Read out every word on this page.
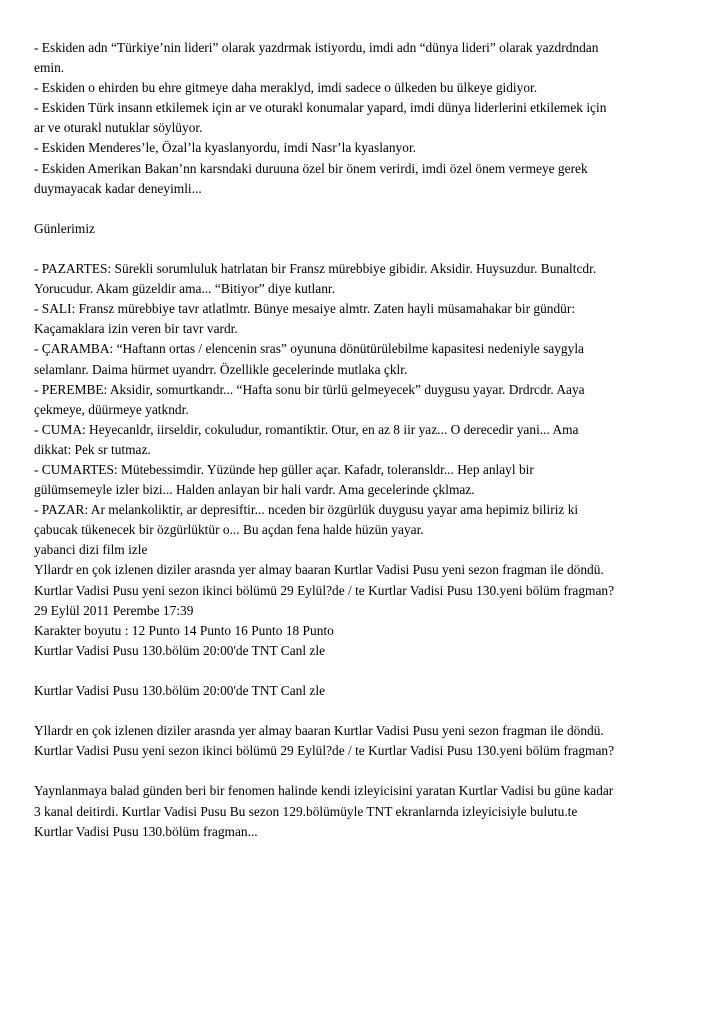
- Eskiden adn “Türkiye’nin lideri” olarak yazdrmak istiyordu, imdi adn “dünya lideri” olarak yazdrdndan
emin.
- Eskiden o ehirden bu ehre gitmeye daha meraklyd, imdi sadece o ülkeden bu ülkeye gidiyor.
- Eskiden Türk insann etkilemek için ar ve oturakl konumalar yapard, imdi dünya liderlerini etkilemek için
ar ve oturakl nutuklar söylüyor.
- Eskiden Menderes’le, Özal’la kyaslanyordu, imdi Nasr’la kyaslanyor.
- Eskiden Amerikan Bakan’nn karsndaki duruuna özel bir önem verirdi, imdi özel önem vermeye gerek
duymayacak kadar deneyimli...
Günlerimiz
- PAZARTES: Sürekli sorumluluk hatrlatan bir Fransz mürebbiye gibidir. Aksidir. Huysuzdur. Bunaltcdr.
Yorucudur. Akam güzeldir ama... “Bitiyor” diye kutlanr.
- SALI: Fransz mürebbiye tavr atlatlmtr. Bünye mesaiye almtr. Zaten hayli müsamahakar bir gündür:
Kaçamaklara izin veren bir tavr vardr.
- ÇARAMBA: “Haftann ortas / elencenin sras” oyununa dönütürülebilme kapasitesi nedeniyle saygyla
selamlanr. Daima hürmet uyandrr. Özellikle gecelerinde mutlaka çklr.
- PEREMBE: Aksidir, somurtkandr... “Hafta sonu bir türlü gelmeyecek” duygusu yayar. Drdrcdr. Aaya
çekmeye, düürmeye yatkndr.
- CUMA: Heyecanldr, iirseldir, cokuludur, romantiktir. Otur, en az 8 iir yaz... O derecedir yani... Ama
dikkat: Pek sr tutmaz.
- CUMARTES: Mütebessimdir. Yüzünde hep güller açar. Kafadr, toleransldr... Hep anlayl bir
gülümsemeyle izler bizi... Halden anlayan bir hali vardr. Ama gecelerinde çklmaz.
- PAZAR: Ar melankoliktir, ar depresiftir... nceden bir özgürlük duygusu yayar ama hepimiz biliriz ki
çabucak tükenecek bir özgürlüktür o... Bu açdan fena halde hüzün yayar.
yabanci dizi film izle
Yllardr en çok izlenen diziler arasnda yer almay baaran Kurtlar Vadisi Pusu yeni sezon fragman ile döndü.
Kurtlar Vadisi Pusu yeni sezon ikinci bölümü 29 Eylül?de / te Kurtlar Vadisi Pusu 130.yeni bölüm fragman?
29 Eylül 2011 Perembe 17:39
Karakter boyutu : 12 Punto 14 Punto 16 Punto 18 Punto
Kurtlar Vadisi Pusu 130.bölüm 20:00'de TNT Canl zle
Kurtlar Vadisi Pusu 130.bölüm 20:00'de TNT Canl zle
Yllardr en çok izlenen diziler arasnda yer almay baaran Kurtlar Vadisi Pusu yeni sezon fragman ile döndü.
Kurtlar Vadisi Pusu yeni sezon ikinci bölümü 29 Eylül?de / te Kurtlar Vadisi Pusu 130.yeni bölüm fragman?
Yaynlanmaya balad günden beri bir fenomen halinde kendi izleyicisini yaratan Kurtlar Vadisi bu güne kadar
3 kanal deitirdi. Kurtlar Vadisi Pusu Bu sezon 129.bölümüyle TNT ekranlarnda izleyicisiyle bulutu.te
Kurtlar Vadisi Pusu 130.bölüm fragman...
